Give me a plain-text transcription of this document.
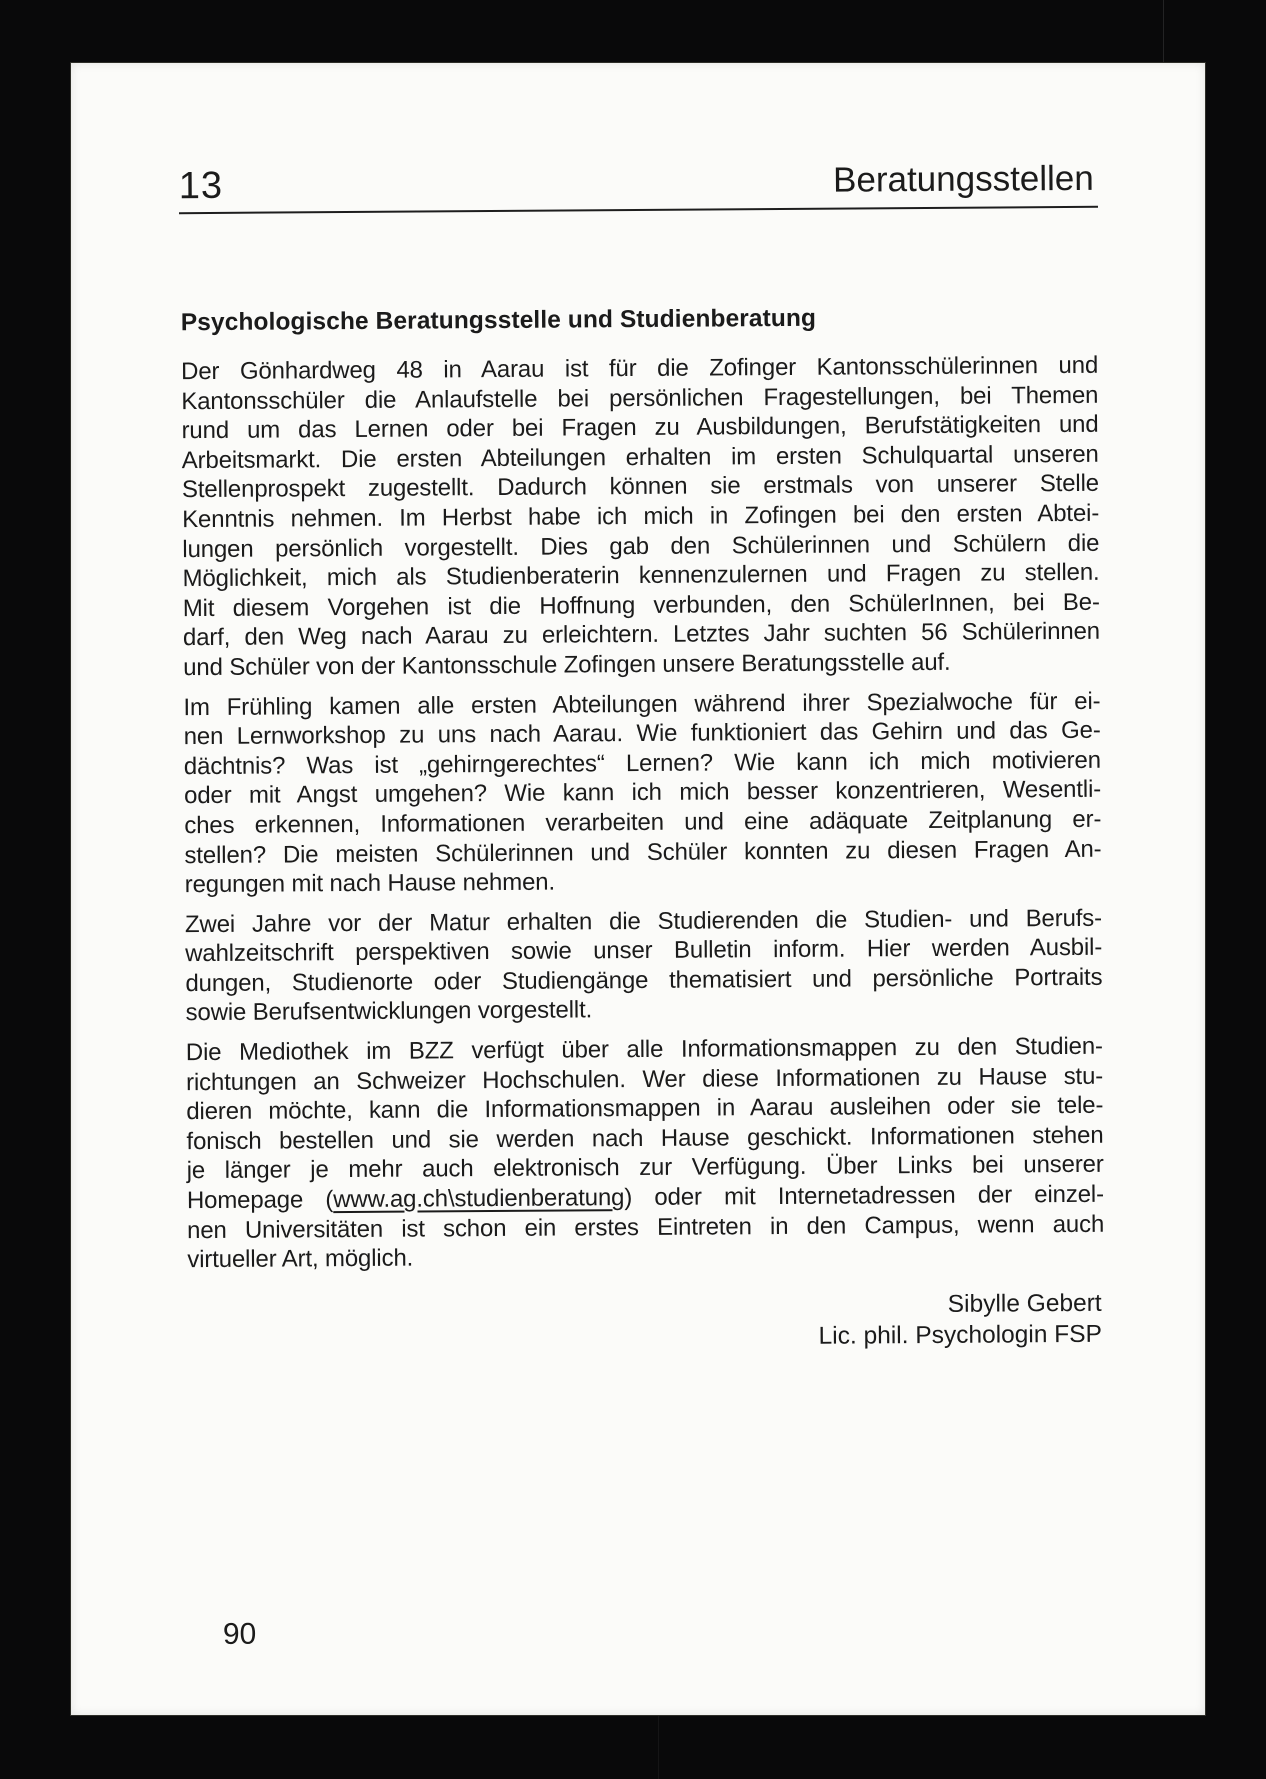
13	Beratungsstellen
Psychologische Beratungsstelle und Studienberatung
Der Gönhardweg 48 in Aarau ist für die Zofinger Kantonsschülerinnen und
Kantonsschüler die Anlaufstelle bei persönlichen Fragestellungen, bei Themen
rund um das Lernen oder bei Fragen zu Ausbildungen, Berufstätigkeiten und
Arbeitsmarkt. Die ersten Abteilungen erhalten im ersten Schulquartal unseren
Stellenprospekt zugestellt. Dadurch können sie erstmals von unserer Stelle
Kenntnis nehmen. Im Herbst habe ich mich in Zofingen bei den ersten Abtei-
lungen persönlich vorgestellt. Dies gab den Schülerinnen und Schülern die
Möglichkeit, mich als Studienberaterin kennenzulernen und Fragen zu stellen.
Mit diesem Vorgehen ist die Hoffnung verbunden, den SchülerInnen, bei Be-
darf, den Weg nach Aarau zu erleichtern. Letztes Jahr suchten 56 Schülerinnen
und Schüler von der Kantonsschule Zofingen unsere Beratungsstelle auf.
Im Frühling kamen alle ersten Abteilungen während ihrer Spezialwoche für ei-
nen Lernworkshop zu uns nach Aarau. Wie funktioniert das Gehirn und das Ge-
dächtnis? Was ist „gehirngerechtes“ Lernen? Wie kann ich mich motivieren
oder mit Angst umgehen? Wie kann ich mich besser konzentrieren, Wesentli-
ches erkennen, Informationen verarbeiten und eine adäquate Zeitplanung er-
stellen? Die meisten Schülerinnen und Schüler konnten zu diesen Fragen An-
regungen mit nach Hause nehmen.
Zwei Jahre vor der Matur erhalten die Studierenden die Studien- und Berufs-
wahlzeitschrift perspektiven sowie unser Bulletin inform. Hier werden Ausbil-
dungen, Studienorte oder Studiengänge thematisiert und persönliche Portraits
sowie Berufsentwicklungen vorgestellt.
Die Mediothek im BZZ verfügt über alle Informationsmappen zu den Studien-
richtungen an Schweizer Hochschulen. Wer diese Informationen zu Hause stu-
dieren möchte, kann die Informationsmappen in Aarau ausleihen oder sie tele-
fonisch bestellen und sie werden nach Hause geschickt. Informationen stehen
je länger je mehr auch elektronisch zur Verfügung. Über Links bei unserer
Homepage (www.ag.ch\studienberatung) oder mit Internetadressen der einzel-
nen Universitäten ist schon ein erstes Eintreten in den Campus, wenn auch
virtueller Art, möglich.
Sibylle Gebert
Lic. phil. Psychologin FSP
90
